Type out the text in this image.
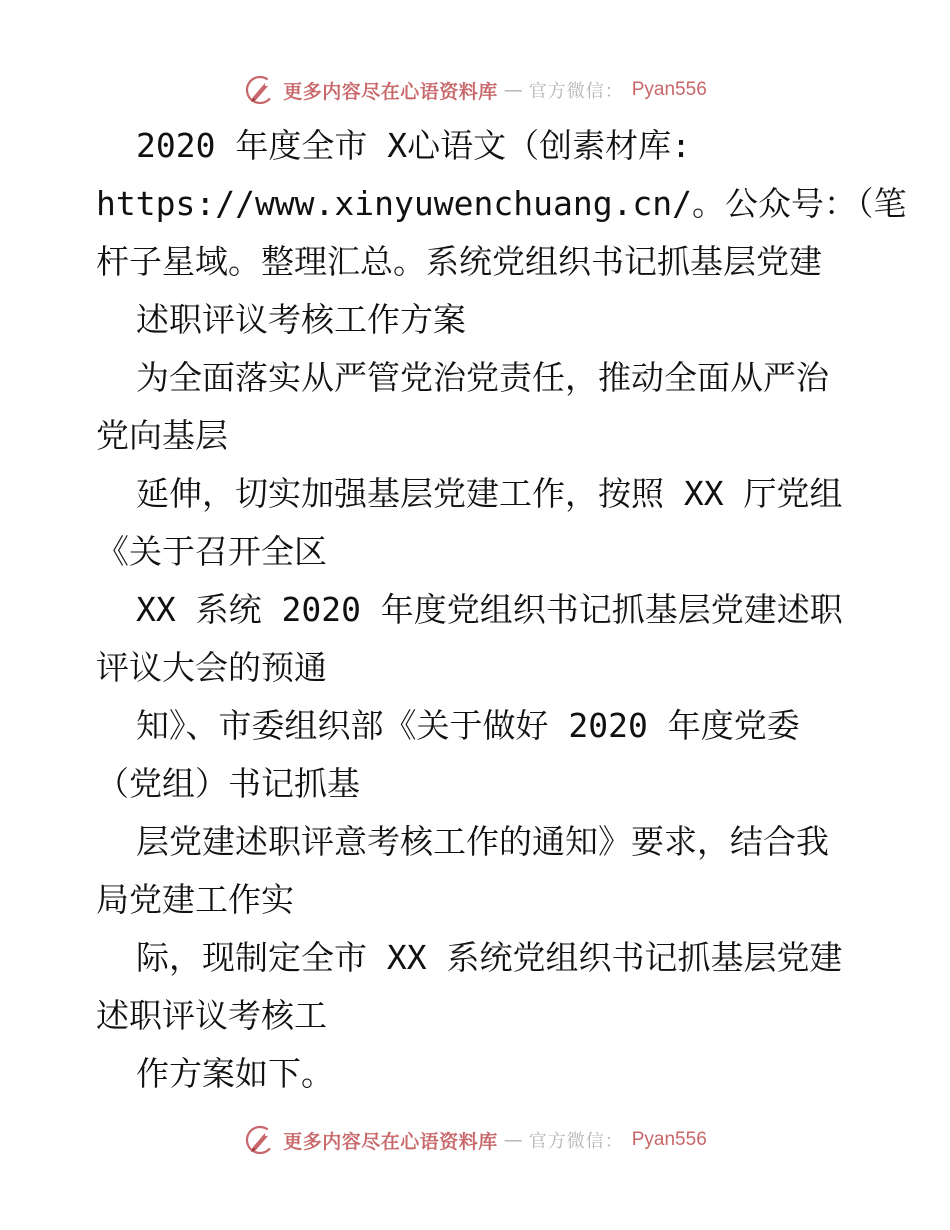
更多内容尽在心语资料库 — 官方微信： Pyan556
2020 年度全市 X心语文（创素材库:
https://www.xinyuwenchuang.cn/。公众号：（笔
杆子星域。整理汇总。系统党组织书记抓基层党建
述职评议考核工作方案
为全面落实从严管党治党责任，推动全面从严治
党向基层
延伸，切实加强基层党建工作，按照 XX 厅党组
《关于召开全区
XX 系统 2020 年度党组织书记抓基层党建述职
评议大会的预通
知》、市委组织部《关于做好 2020 年度党委
（党组）书记抓基
层党建述职评意考核工作的通知》要求，结合我
局党建工作实
际，现制定全市 XX 系统党组织书记抓基层党建
述职评议考核工
作方案如下。
更多内容尽在心语资料库 — 官方微信： Pyan556
